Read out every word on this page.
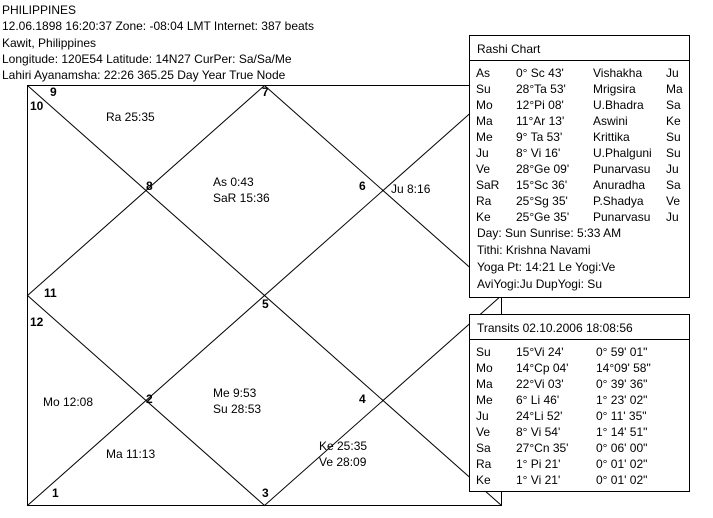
PHILIPPINES
12.06.1898 16:20:37 Zone: -08:04 LMT Internet: 387 beats
Kawit, Philippines
Longitude: 120E54 Latitude: 14N27 CurPer: Sa/Sa/Me
Lahiri Ayanamsha: 22:26 365.25 Day Year True Node
5
1
2
3
4
6
7
8
9
10
11
12
Ra 25:35
As 0:43
SaR 15:36
Ju 8:16
Mo 12:08
Me 9:53
Su 28:53
Ke 25:35
Ve 28:09
Ma 11:13
Rashi Chart
As 0° Sc 43' Vishakha Ju
Su 28°Ta 53' Mrigsira	Ma
Mo 12°Pi 08' U.Bhadra Sa
Ma 11°Ar 13' Aswini	Ke
Me 9° Ta 53'	Krittika	Su
Ju 8° Vi 16'	U.Phalguni Su
Ve 28°Ge 09' Punarvasu Ju
SaR 15°Sc 36' Anuradha Sa
Ra 25°Sg 35' P.Shadya Ve
Ke 25°Ge 35' Punarvasu Ju
Day: Sun Sunrise: 5:33 AM
Tithi: Krishna Navami
Yoga Pt: 14:21 Le Yogi:Ve
AviYogi:Ju DupYogi: Su
Transits 02.10.2006 18:08:56
Su 15°Vi 24'	0° 59' 01"
Mo 14°Cp 04' 14°09' 58"
Ma 22°Vi 03'	0° 39' 36"
Me 6° Li 46'	1° 23' 02"
Ju 24°Li 52'	0° 11' 35"
Ve 8° Vi 54'	1° 14' 51"
Sa 27°Cn 35' 0° 06' 00"
Ra 1° Pi 21'	0° 01' 02"
Ke 1° Vi 21'	0° 01' 02"
